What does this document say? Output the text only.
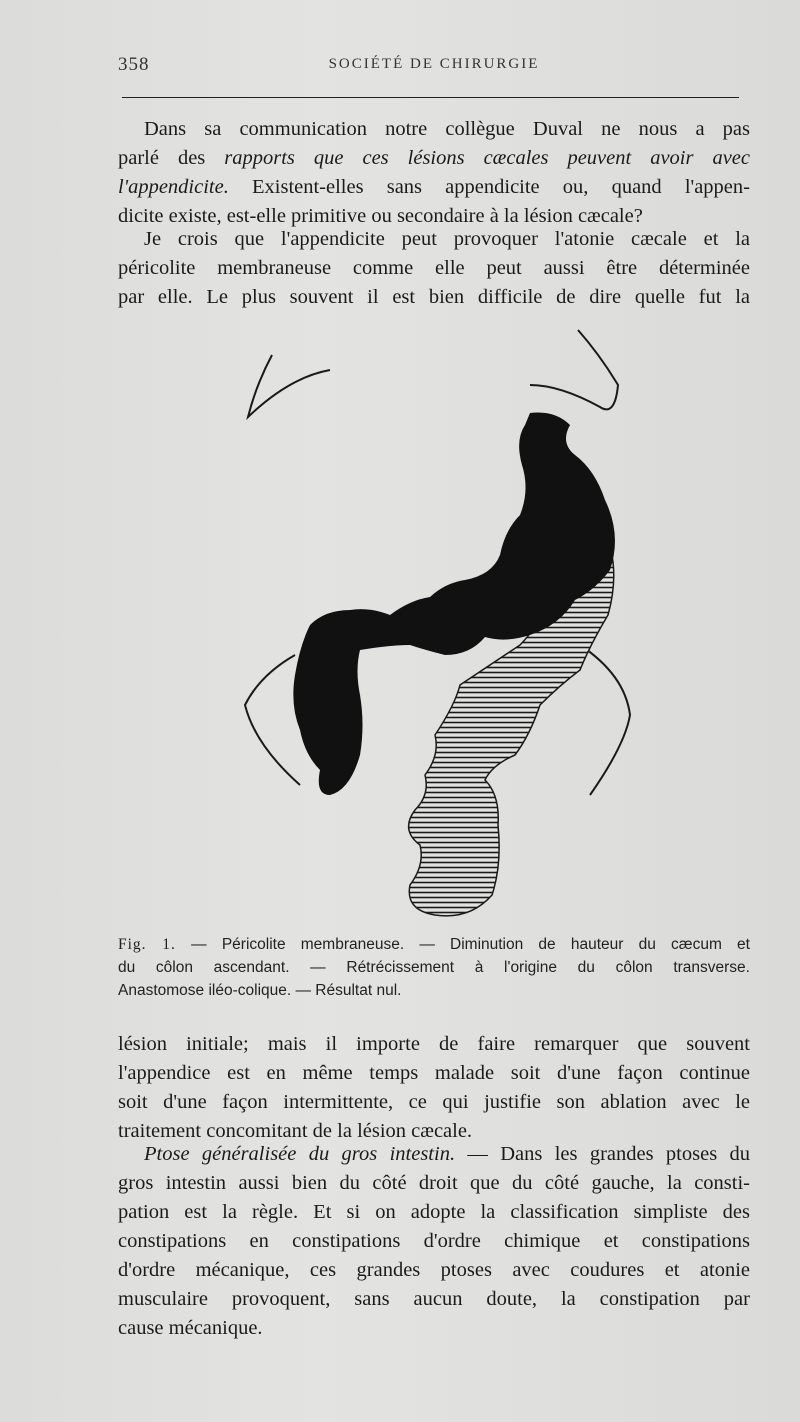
358	SOCIÉTÉ DE CHIRURGIE
Dans sa communication notre collègue Duval ne nous a pas
parlé des rapports que ces lésions cæcales peuvent avoir avec
l'appendicite. Existent-elles sans appendicite ou, quand l'appen-
dicite existe, est-elle primitive ou secondaire à la lésion cæcale?
Je crois que l'appendicite peut provoquer l'atonie cæcale et la
péricolite membraneuse comme elle peut aussi être déterminée
par elle. Le plus souvent il est bien difficile de dire quelle fut la
Fig. 1. — Péricolite membraneuse. — Diminution de hauteur du cæcum et
du côlon ascendant. — Rétrécissement à l'origine du côlon transverse.
Anastomose iléo-colique. — Résultat nul.
lésion initiale; mais il importe de faire remarquer que souvent
l'appendice est en même temps malade soit d'une façon continue
soit d'une façon intermittente, ce qui justifie son ablation avec le
traitement concomitant de la lésion cæcale.
Ptose généralisée du gros intestin. — Dans les grandes ptoses du
gros intestin aussi bien du côté droit que du côté gauche, la consti-
pation est la règle. Et si on adopte la classification simpliste des
constipations en constipations d'ordre chimique et constipations
d'ordre mécanique, ces grandes ptoses avec coudures et atonie
musculaire provoquent, sans aucun doute, la constipation par
cause mécanique.
